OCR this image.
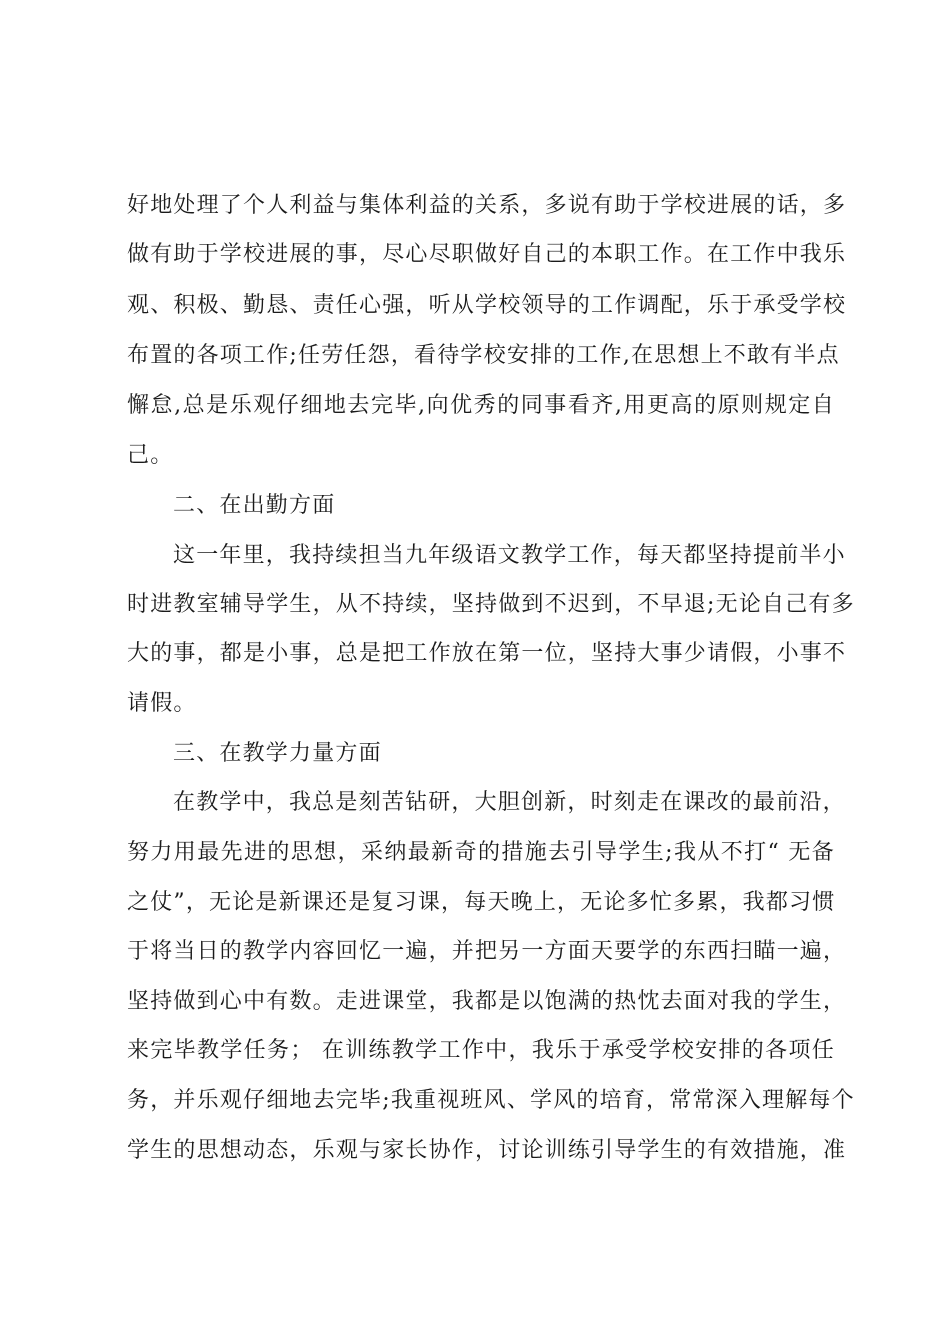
好地处理了个人利益与集体利益的关系，多说有助于学校进展的话，多
做有助于学校进展的事，尽心尽职做好自己的本职工作。在工作中我乐
观、积极、勤恳、责任心强，听从学校领导的工作调配，乐于承受学校
布置的各项工作;任劳任怨，看待学校安排的工作,在思想上不敢有半点
懈怠,总是乐观仔细地去完毕,向优秀的同事看齐,用更高的原则规定自
己。
二、在出勤方面
这一年里，我持续担当九年级语文教学工作，每天都坚持提前半小
时进教室辅导学生，从不持续，坚持做到不迟到，不早退;无论自己有多
大的事，都是小事，总是把工作放在第一位，坚持大事少请假，小事不
请假。
三、在教学力量方面
在教学中，我总是刻苦钻研，大胆创新，时刻走在课改的最前沿，
努力用最先进的思想，采纳最新奇的措施去引导学生;我从不打“ 无备
之仗”，无论是新课还是复习课，每天晚上，无论多忙多累，我都习惯
于将当日的教学内容回忆一遍，并把另一方面天要学的东西扫瞄一遍，
坚持做到心中有数。走进课堂，我都是以饱满的热忱去面对我的学生，
来完毕教学任务； 在训练教学工作中，我乐于承受学校安排的各项任
务，并乐观仔细地去完毕;我重视班风、学风的培育，常常深入理解每个
学生的思想动态，乐观与家长协作，讨论训练引导学生的有效措施，准
